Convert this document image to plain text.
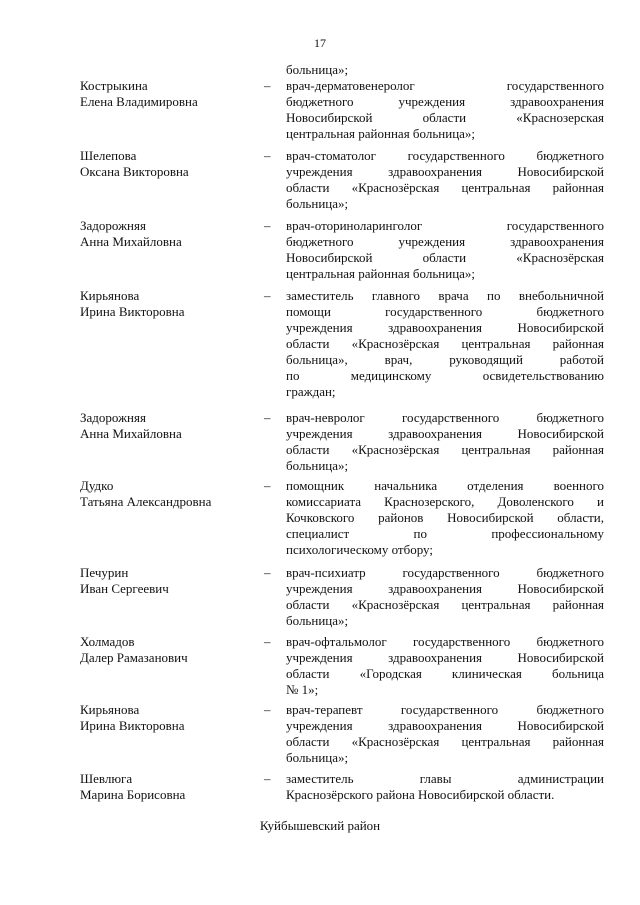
17
больница»;
Кострыкина
Елена Владимировна
– врач-дерматовенеролог государственного
бюджетного учреждения здравоохранения
Новосибирской области «Краснозерская
центральная районная больница»;
Шелепова
Оксана Викторовна
– врач-стоматолог государственного бюджетного
учреждения здравоохранения Новосибирской
области «Краснозёрская центральная районная
больница»;
Задорожняя
Анна Михайловна
– врач-оториноларинголог государственного
бюджетного учреждения здравоохранения
Новосибирской области «Краснозёрская
центральная районная больница»;
Кирьянова
Ирина Викторовна
– заместитель главного врача по внебольничной
помощи государственного бюджетного
учреждения здравоохранения Новосибирской
области «Краснозёрская центральная районная
больница», врач, руководящий работой
по медицинскому освидетельствованию
граждан;
Задорожняя
Анна Михайловна
– врач-невролог государственного бюджетного
учреждения здравоохранения Новосибирской
области «Краснозёрская центральная районная
больница»;
Дудко
Татьяна Александровна
– помощник начальника отделения военного
комиссариата Краснозерского, Доволенского и
Кочковского районов Новосибирской области,
специалист по профессиональному
психологическому отбору;
Печурин
Иван Сергеевич
– врач-психиатр государственного бюджетного
учреждения здравоохранения Новосибирской
области «Краснозёрская центральная районная
больница»;
Холмадов
Далер Рамазанович
– врач-офтальмолог государственного бюджетного
учреждения здравоохранения Новосибирской
области «Городская клиническая больница
№ 1»;
Кирьянова
Ирина Викторовна
– врач-терапевт государственного бюджетного
учреждения здравоохранения Новосибирской
области «Краснозёрская центральная районная
больница»;
Шевлюга
Марина Борисовна
– заместитель главы администрации
Краснозёрского района Новосибирской области.
Куйбышевский район
